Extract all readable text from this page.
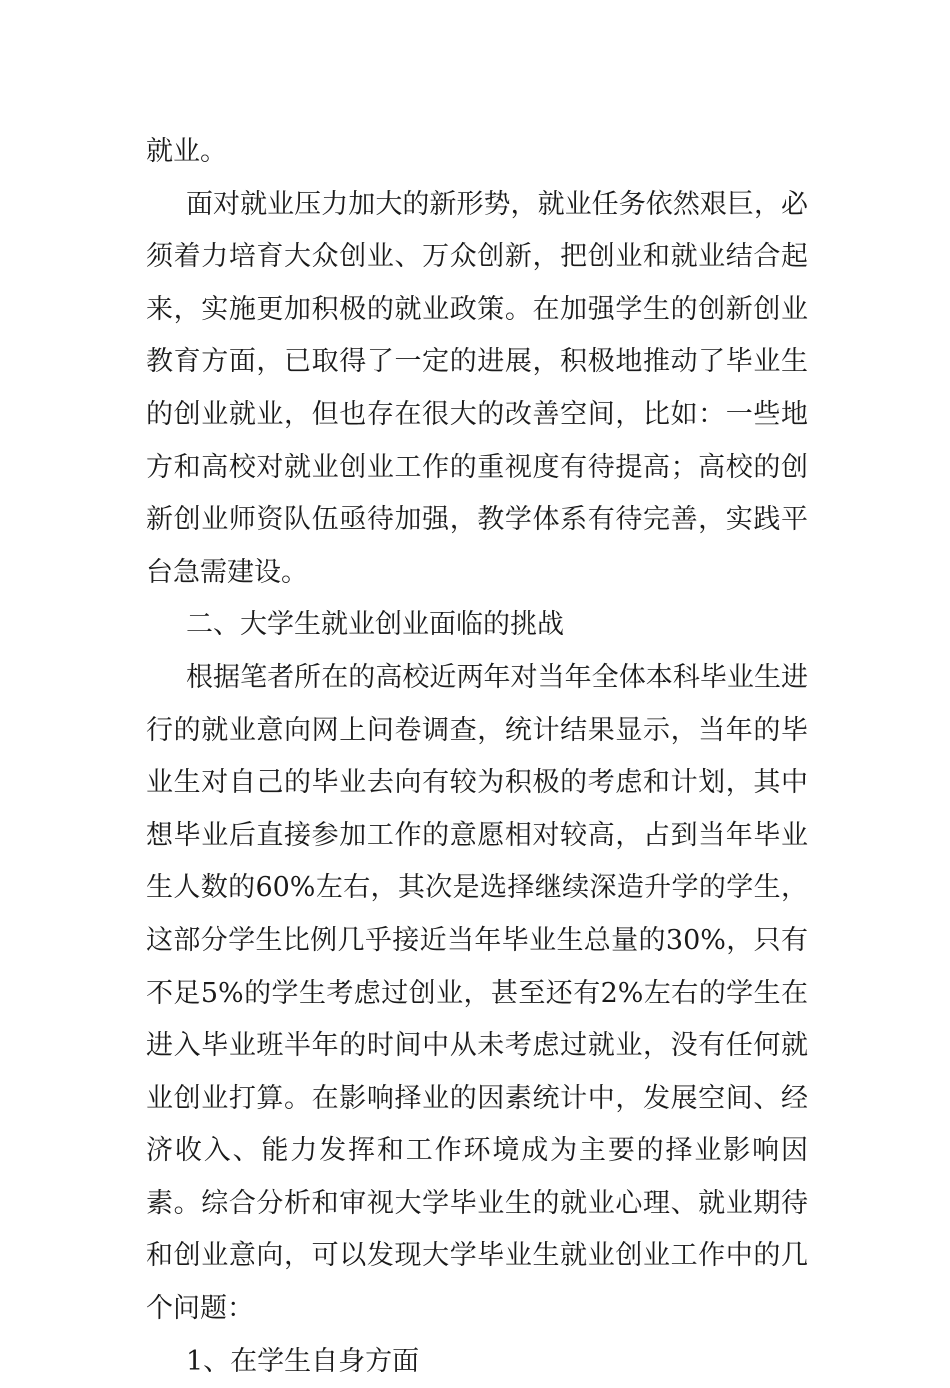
就业。

面对就业压力加大的新形势，就业任务依然艰巨，必须着力培育大众创业、万众创新，把创业和就业结合起来，实施更加积极的就业政策。在加强学生的创新创业教育方面，已取得了一定的进展，积极地推动了毕业生的创业就业，但也存在很大的改善空间，比如：一些地方和高校对就业创业工作的重视度有待提高；高校的创新创业师资队伍亟待加强，教学体系有待完善，实践平台急需建设。

二、大学生就业创业面临的挑战

根据笔者所在的高校近两年对当年全体本科毕业生进行的就业意向网上问卷调查，统计结果显示，当年的毕业生对自己的毕业去向有较为积极的考虑和计划，其中想毕业后直接参加工作的意愿相对较高，占到当年毕业生人数的60%左右，其次是选择继续深造升学的学生，这部分学生比例几乎接近当年毕业生总量的30%，只有不足5%的学生考虑过创业，甚至还有2%左右的学生在进入毕业班半年的时间中从未考虑过就业，没有任何就业创业打算。在影响择业的因素统计中，发展空间、经济收入、能力发挥和工作环境成为主要的择业影响因素。综合分析和审视大学毕业生的就业心理、就业期待和创业意向，可以发现大学毕业生就业创业工作中的几个问题：

1、在学生自身方面
